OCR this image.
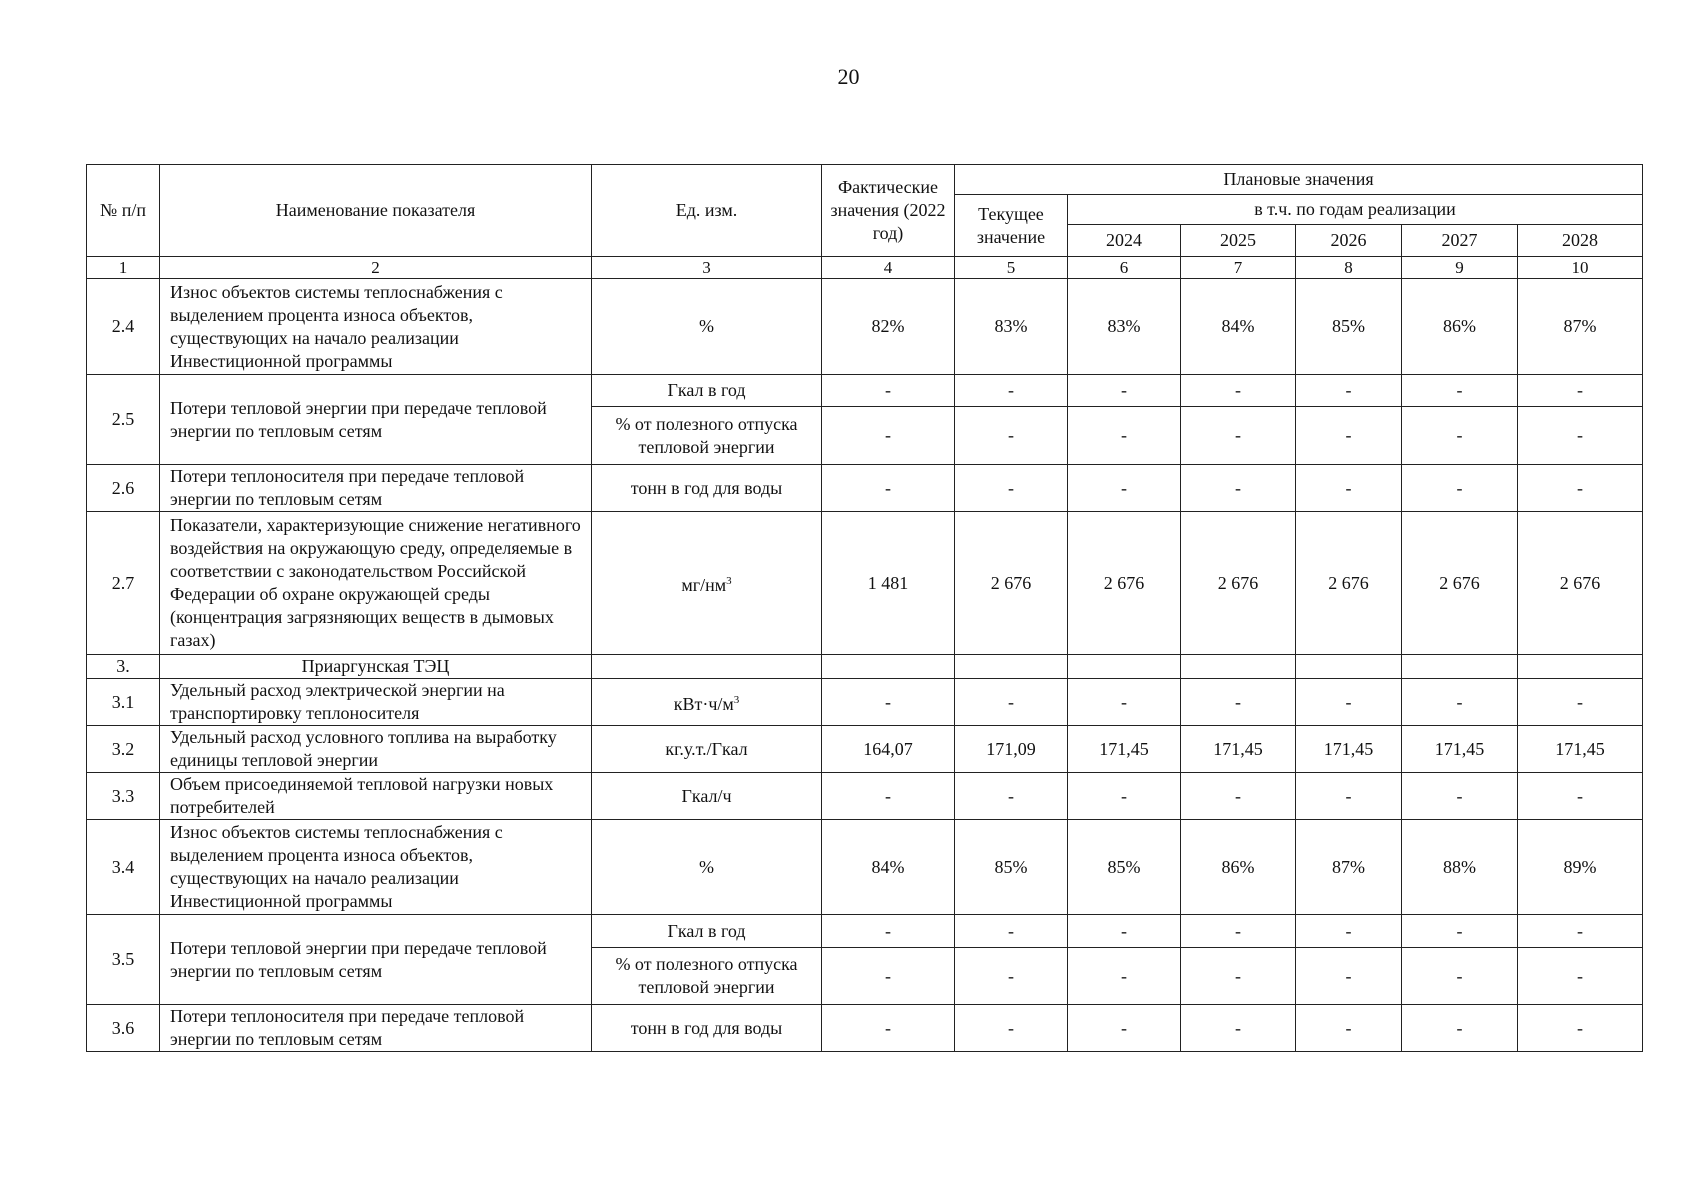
20
№ п/п	Наименование показателя	Ед. изм.	Фактические значения (2022 год)	Плановые значения					
				Текущее значение	в т.ч. по годам реализации				
					2024	2025	2026	2027	2028
1	2	3	4	5	6	7	8	9	10
2.4	Износ объектов системы теплоснабжения с выделением процента износа объектов, существующих на начало реализации Инвестиционной программы	%	82%	83%	83%	84%	85%	86%	87%
2.5	Потери тепловой энергии при передаче тепловой энергии по тепловым сетям	Гкал в год	-	-	-	-	-	-	-
		% от полезного отпуска тепловой энергии	-	-	-	-	-	-	-
2.6	Потери теплоносителя при передаче тепловой энергии по тепловым сетям	тонн в год для воды	-	-	-	-	-	-	-
2.7	Показатели, характеризующие снижение негативного воздействия на окружающую среду, определяемые в соответствии с законодательством Российской Федерации об охране окружающей среды (концентрация загрязняющих веществ в дымовых газах)	$мг/нм^3$	1 481	2 676	2 676	2 676	2 676	2 676	2 676
3.	Приаргунская ТЭЦ								
3.1	Удельный расход электрической энергии на транспортировку теплоносителя	$кВт\cdot ч/м^3$	-	-	-	-	-	-	-
3.2	Удельный расход условного топлива на выработку единицы тепловой энергии	кг.у.т./Гкал	164,07	171,09	171,45	171,45	171,45	171,45	171,45
3.3	Объем присоединяемой тепловой нагрузки новых потребителей	Гкал/ч	-	-	-	-	-	-	-
3.4	Износ объектов системы теплоснабжения с выделением процента износа объектов, существующих на начало реализации Инвестиционной программы	%	84%	85%	85%	86%	87%	88%	89%
3.5	Потери тепловой энергии при передаче тепловой энергии по тепловым сетям	Гкал в год	-	-	-	-	-	-	-
		% от полезного отпуска тепловой энергии	-	-	-	-	-	-	-
3.6	Потери теплоносителя при передаче тепловой энергии по тепловым сетям	тонн в год для воды	-	-	-	-	-	-	-
